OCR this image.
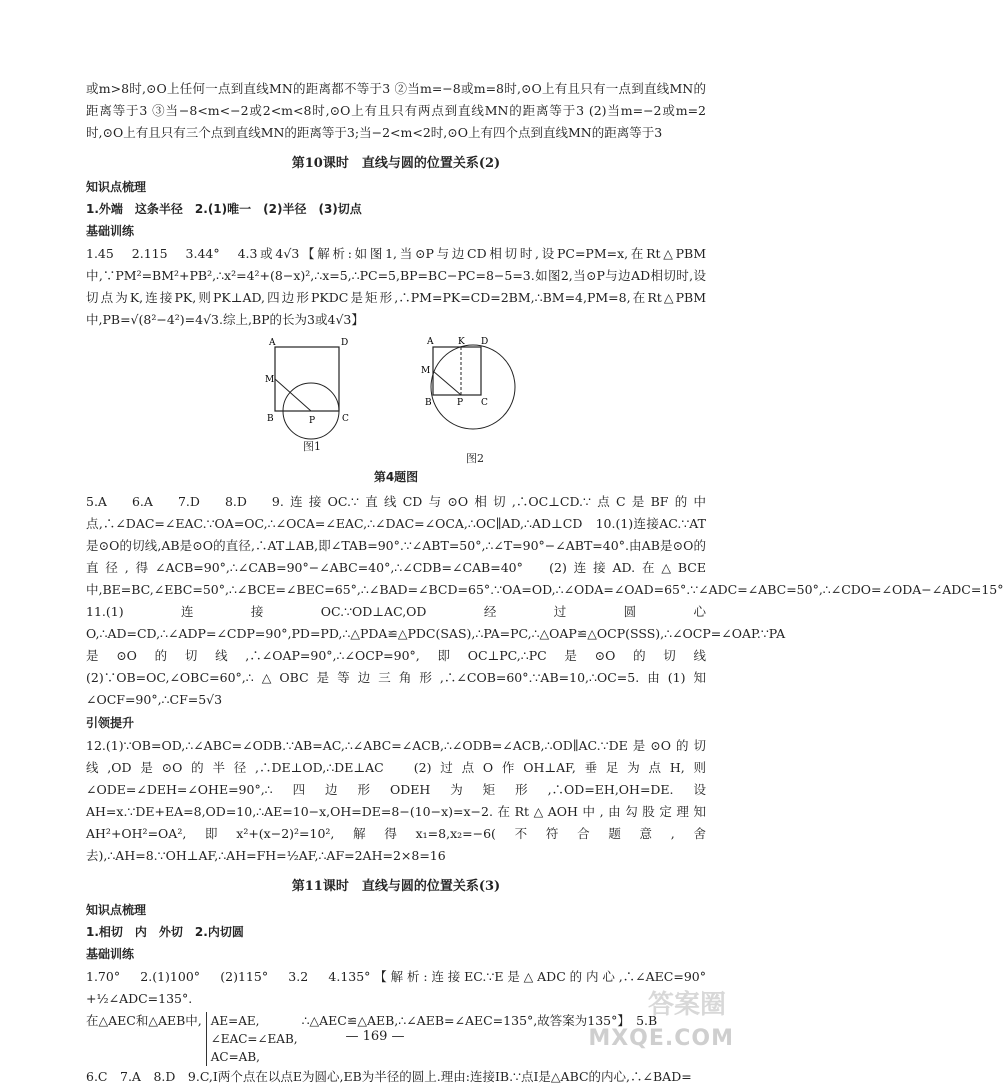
或m>8时,⊙O上任何一点到直线MN的距离都不等于3 ②当m=−8或m=8时,⊙O上有且只有一点到直线MN的距离等于3 ③当−8<m<−2或2<m<8时,⊙O上有且只有两点到直线MN的距离等于3 (2)当m=−2或m=2时,⊙O上有且只有三个点到直线MN的距离等于3;当−2<m<2时,⊙O上有四个点到直线MN的距离等于3

第10课时　直线与圆的位置关系(2)
知识点梳理

1.外端　这条半径　2.(1)唯一　(2)半径　(3)切点

基础训练

1.45　2.115　3.44°　4.3或4√3【解析:如图1,当⊙P与边CD相切时,设PC=PM=x,在Rt△PBM中,∵PM²=BM²+PB²,∴x²=4²+(8−x)²,∴x=5,∴PC=5,BP=BC−PC=8−5=3.如图2,当⊙P与边AD相切时,设切点为K,连接PK,则PK⊥AD,四边形PKDC是矩形,∴PM=PK=CD=2BM,∴BM=4,PM=8,在Rt△PBM中,PB=√(8²−4²)=4√3.综上,BP的长为3或4√3】

A	D
M
B	P	C
图1
A	K D
M
B	P C
图2
第4题图

5.A　6.A　7.D　8.D　9.连接OC.∵直线CD与⊙O相切,∴OC⊥CD.∵点C是BF的中点,∴∠DAC=∠EAC.∵OA=OC,∴∠OCA=∠EAC,∴∠DAC=∠OCA,∴OC∥AD,∴AD⊥CD　10.(1)连接AC.∵AT是⊙O的切线,AB是⊙O的直径,∴AT⊥AB,即∠TAB=90°.∵∠ABT=50°,∴∠T=90°−∠ABT=40°.由AB是⊙O的直径,得∠ACB=90°,∴∠CAB=90°−∠ABC=40°,∴∠CDB=∠CAB=40°　(2)连接AD.在△BCE中,BE=BC,∠EBC=50°,∴∠BCE=∠BEC=65°,∴∠BAD=∠BCD=65°.∵OA=OD,∴∠ODA=∠OAD=65°.∵∠ADC=∠ABC=50°,∴∠CDO=∠ODA−∠ADC=15°　11.(1)连接OC.∵OD⊥AC,OD经过圆心O,∴AD=CD,∴∠ADP=∠CDP=90°,PD=PD,∴△PDA≌△PDC(SAS),∴PA=PC,∴△OAP≌△OCP(SSS),∴∠OCP=∠OAP.∵PA是⊙O的切线,∴∠OAP=90°,∴∠OCP=90°,即OC⊥PC,∴PC是⊙O的切线　(2)∵OB=OC,∠OBC=60°,∴△OBC是等边三角形,∴∠COB=60°.∵AB=10,∴OC=5.由(1)知∠OCF=90°,∴CF=5√3

引领提升

12.(1)∵OB=OD,∴∠ABC=∠ODB.∵AB=AC,∴∠ABC=∠ACB,∴∠ODB=∠ACB,∴OD∥AC.∵DE是⊙O的切线,OD是⊙O的半径,∴DE⊥OD,∴DE⊥AC　(2)过点O作OH⊥AF,垂足为点H,则∠ODE=∠DEH=∠OHE=90°,∴四边形ODEH为矩形,∴OD=EH,OH=DE.设AH=x.∵DE+EA=8,OD=10,∴AE=10−x,OH=DE=8−(10−x)=x−2.在Rt△AOH中,由勾股定理知AH²+OH²=OA²,即x²+(x−2)²=10²,解得x₁=8,x₂=−6(不符合题意,舍去),∴AH=8.∵OH⊥AF,∴AH=FH=½AF,∴AF=2AH=2×8=16

第11课时　直线与圆的位置关系(3)
知识点梳理

1.相切　内　外切　2.内切圆

基础训练

1.70°　2.(1)100°　(2)115°　3.2　4.135°【解析:连接EC.∵E是△ADC的内心,∴∠AEC=90°+½∠ADC=135°.

在△AEC和△AEB中, AE=AE,
∠EAC=∠EAB,
AC=AB,
∴△AEC≌△AEB,∴∠AEB=∠AEC=135°,故答案为135°】　5.B

6.C　7.A　8.D　9.C,I两个点在以点E为圆心,EB为半径的圆上.理由:连接IB.∵点I是△ABC的内心,∴∠BAD=

— 169 —
答案圈
MXQE.COM
